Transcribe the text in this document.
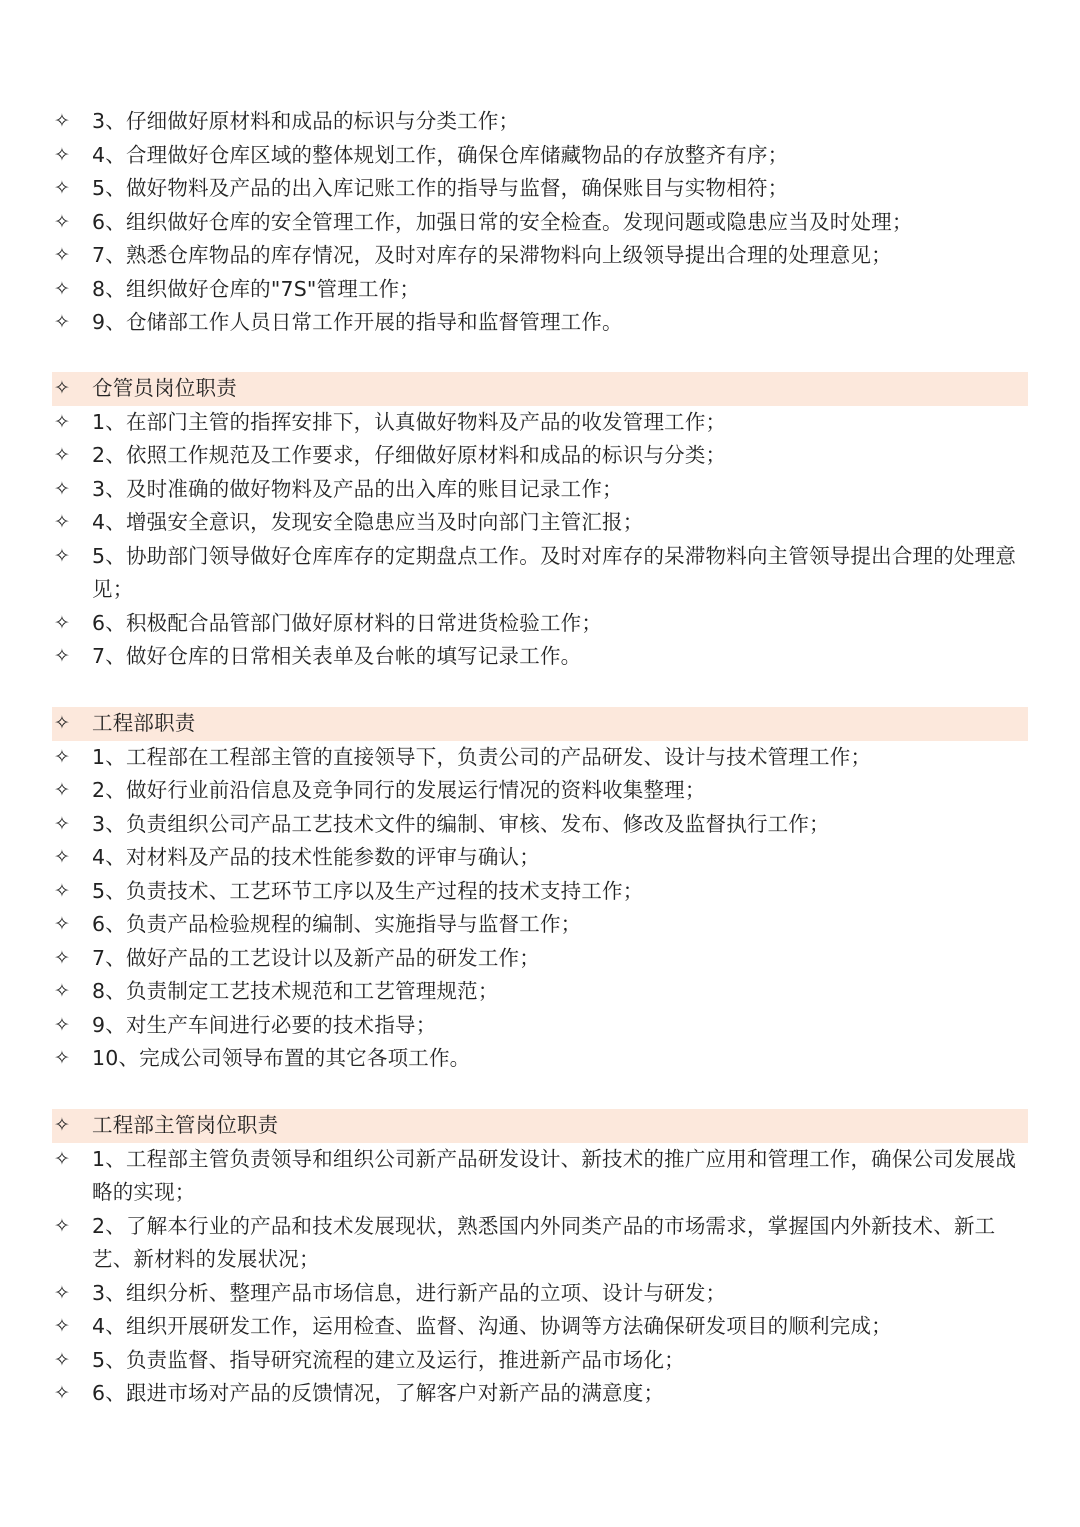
✧	3、仔细做好原材料和成品的标识与分类工作；
✧	4、合理做好仓库区域的整体规划工作，确保仓库储藏物品的存放整齐有序；
✧	5、做好物料及产品的出入库记账工作的指导与监督，确保账目与实物相符；
✧	6、组织做好仓库的安全管理工作，加强日常的安全检查。发现问题或隐患应当及时处理；
✧	7、熟悉仓库物品的库存情况，及时对库存的呆滞物料向上级领导提出合理的处理意见；
✧	8、组织做好仓库的"7S"管理工作；
✧	9、仓储部工作人员日常工作开展的指导和监督管理工作。
✧	仓管员岗位职责
✧	1、在部门主管的指挥安排下，认真做好物料及产品的收发管理工作；
✧	2、依照工作规范及工作要求，仔细做好原材料和成品的标识与分类；
✧	3、及时准确的做好物料及产品的出入库的账目记录工作；
✧	4、增强安全意识，发现安全隐患应当及时向部门主管汇报；
✧	5、协助部门领导做好仓库库存的定期盘点工作。及时对库存的呆滞物料向主管领导提出合理的处理意见；
✧	6、积极配合品管部门做好原材料的日常进货检验工作；
✧	7、做好仓库的日常相关表单及台帐的填写记录工作。
✧	工程部职责
✧	1、工程部在工程部主管的直接领导下，负责公司的产品研发、设计与技术管理工作；
✧	2、做好行业前沿信息及竞争同行的发展运行情况的资料收集整理；
✧	3、负责组织公司产品工艺技术文件的编制、审核、发布、修改及监督执行工作；
✧	4、对材料及产品的技术性能参数的评审与确认；
✧	5、负责技术、工艺环节工序以及生产过程的技术支持工作；
✧	6、负责产品检验规程的编制、实施指导与监督工作；
✧	7、做好产品的工艺设计以及新产品的研发工作；
✧	8、负责制定工艺技术规范和工艺管理规范；
✧	9、对生产车间进行必要的技术指导；
✧	10、完成公司领导布置的其它各项工作。
✧	工程部主管岗位职责
✧	1、工程部主管负责领导和组织公司新产品研发设计、新技术的推广应用和管理工作，确保公司发展战略的实现；
✧	2、了解本行业的产品和技术发展现状，熟悉国内外同类产品的市场需求，掌握国内外新技术、新工艺、新材料的发展状况；
✧	3、组织分析、整理产品市场信息，进行新产品的立项、设计与研发；
✧	4、组织开展研发工作，运用检查、监督、沟通、协调等方法确保研发项目的顺利完成；
✧	5、负责监督、指导研究流程的建立及运行，推进新产品市场化；
✧	6、跟进市场对产品的反馈情况，了解客户对新产品的满意度；
